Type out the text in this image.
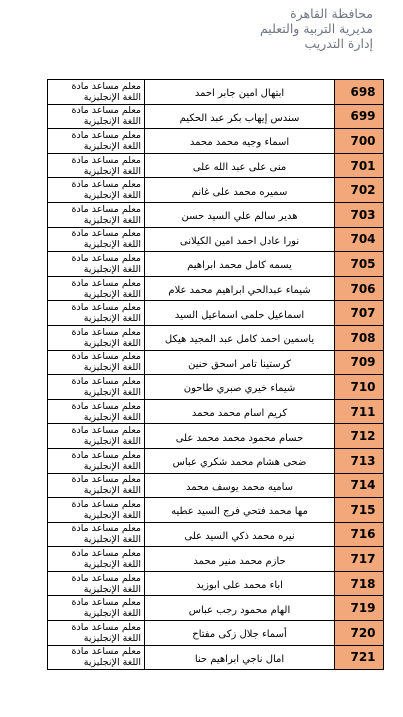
محافظة القاهرة
مديرية التربية والتعليم
إدارة التدريب
معلم مساعد مادة اللغة الإنجليزية	ابتهال امين جابر احمد	698
معلم مساعد مادة اللغة الإنجليزية	سندس إيهاب بكر عبد الحكيم	699
معلم مساعد مادة اللغة الإنجليزية	اسماء وجيه محمد محمد	700
معلم مساعد مادة اللغة الإنجليزية	منى على عبد الله على	701
معلم مساعد مادة اللغة الإنجليزية	سميره محمد على غانم	702
معلم مساعد مادة اللغة الإنجليزية	هدير سالم علي السيد حسن	703
معلم مساعد مادة اللغة الإنجليزية	نورا عادل احمد امين الكيلانى	704
معلم مساعد مادة اللغة الإنجليزية	يسمه كامل محمد ابراهيم	705
معلم مساعد مادة اللغة الإنجليزية	شيماء عبدالحي ابراهيم محمد علام	706
معلم مساعد مادة اللغة الإنجليزية	اسماعيل حلمى اسماعيل السيد	707
معلم مساعد مادة اللغة الإنجليزية	ياسمين احمد كامل عبد المجيد هيكل	708
معلم مساعد مادة اللغة الإنجليزية	كرستينا تامر اسحق حنين	709
معلم مساعد مادة اللغة الإنجليزية	شيماء خيري صبري طاحون	710
معلم مساعد مادة اللغة الإنجليزية	كريم اسام محمد محمد	711
معلم مساعد مادة اللغة الإنجليزية	حسام محمود محمد محمد على	712
معلم مساعد مادة اللغة الإنجليزية	ضحى هشام محمد شكري عباس	713
معلم مساعد مادة اللغة الإنجليزية	ساميه محمد يوسف محمد	714
معلم مساعد مادة اللغة الإنجليزية	مها محمد فتحي فرج السيد عطيه	715
معلم مساعد مادة اللغة الإنجليزية	نيره محمد ذكي السيد على	716
معلم مساعد مادة اللغة الإنجليزية	حازم محمد منير محمد	717
معلم مساعد مادة اللغة الإنجليزية	اباء محمد على ابوزيد	718
معلم مساعد مادة اللغة الإنجليزية	الهام محمود رجب عباس	719
معلم مساعد مادة اللغة الإنجليزية	أسماء جلال زكى مفتاح	720
معلم مساعد مادة اللغة الإنجليزية	امال ناجي ابراهيم حنا	721
